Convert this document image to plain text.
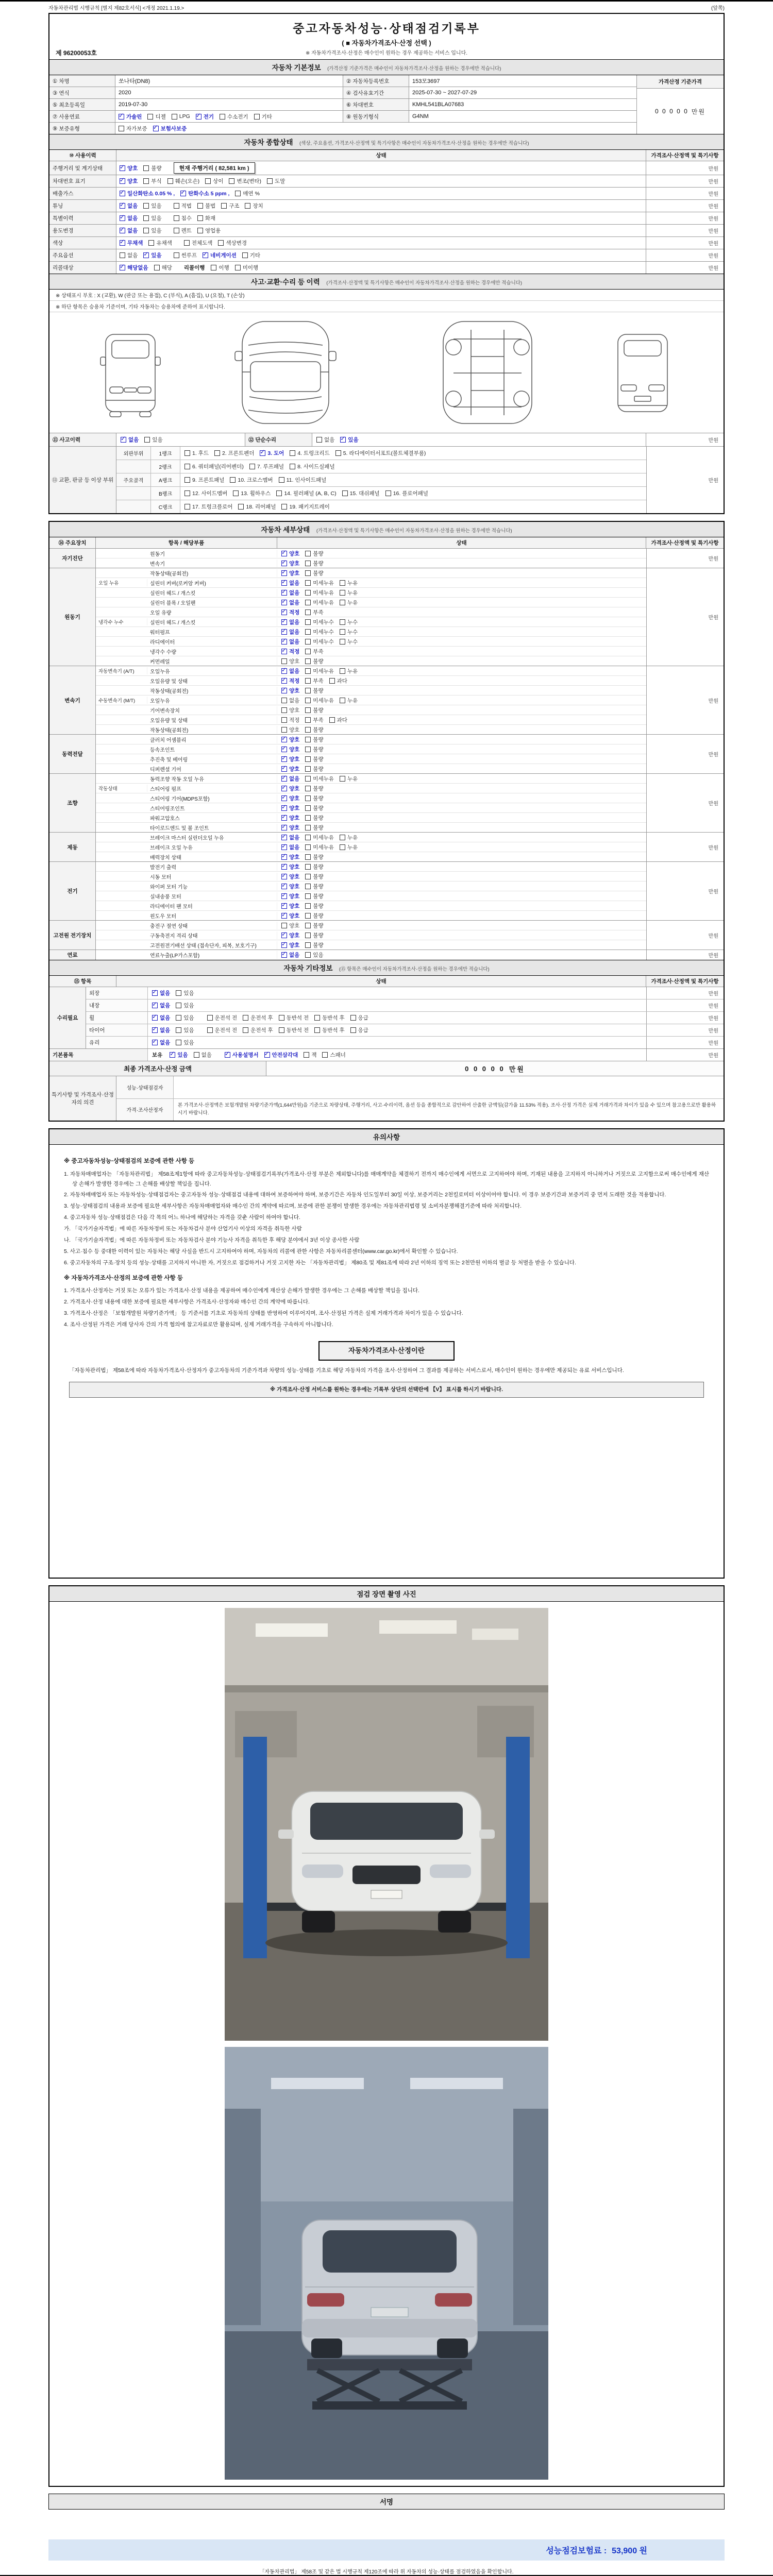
자동차관리법 시행규칙 [별지 제82호서식] <개정 2021.1.19.>	(앞쪽)
제 96200053호
중고자동차성능·상태점검기록부
( ■ 자동차가격조사·산정 선택 )
※ 자동차가격조사·산정은 매수인이 원하는 경우 제공하는 서비스 입니다.
자동차 기본정보 (가격산정 기준가격은 매수인이 자동차가격조사·산정을 원하는 경우에만 적습니다)
① 차명	쏘나타(DN8)	② 자동차등록번호	153모3697
③ 연식	2020	④ 검사유효기간	2025-07-30 ~ 2027-07-29
⑤ 최초등록일	2019-07-30	⑥ 차대번호	KMHL541BLA07683
⑦ 사용연료 ✓	가솔린	디젤	LPG ✓	전기	수소전기	기타	⑧ 원동기형식	G4NM
⑨ 보증유형	자가보증 ✓	보험사보증
가격산정 기준가격
0 0 0 0 0 만원
자동차 종합상태 (색상, 주요옵션, 가격조사·산정액 및 특기사항은 매수인이 자동차가격조사·산정을 원하는 경우에만 적습니다)
⑩ 사용이력	상태	가격조사·산정액 및 특기사항
주행거리 및 계기상태 ✓	양호	불량	현재 주행거리 ( 82,581 km )	만원
차대번호 표기 ✓	양호	부식	훼손(오손)	상이	변조(변타)	도말	만원
배출가스 ✓	일산화탄소 0.05 % , ✓	탄화수소 5 ppm ,	매연 %	만원
튜닝 ✓	없음	있음	적법	불법	구조	장치	만원
특별이력 ✓	없음	있음	침수	화재	만원
용도변경 ✓	없음	있음	렌트	영업용	만원
색상 ✓	무채색	유채색	전체도색	색상변경	만원
주요옵션	없음 ✓	있음	썬루프 ✓	네비게이션	기타	만원
리콜대상 ✓	해당없음	해당 리콜이행	이행	미이행	만원
사고·교환·수리 등 이력 (가격조사·산정액 및 특기사항은 매수인이 자동차가격조사·산정을 원하는 경우에만 적습니다)
※ 상태표시 부호 : X (교환), W (판금 또는 용접), C (부식), A (흠집), U (요철), T (손상)
※ 하단 항목은 승용차 기준이며, 기타 자동차는 승용차에 준하여 표시합니다.
⑪ 사고이력 ✓	없음	있음	⑫ 단순수리	없음 ✓	있음	만원
⑬ 교환, 판금 등 이상 부위
외판부위	1랭크	1. 후드	2. 프론트펜더 ✓	3. 도어	4. 트렁크리드	5. 라디에이터서포트(볼트체결부품)
2랭크	6. 쿼터패널(리어펜더)	7. 루프패널	8. 사이드실패널
주요골격	A랭크	9. 프론트패널	10. 크로스멤버	11. 인사이드패널
B랭크	12. 사이드멤버	13. 휠하우스	14. 필러패널 (A, B, C)	15. 대쉬패널	16. 플로어패널
C랭크	17. 트렁크플로어	18. 리어패널	19. 패키지트레이
만원
자동차 세부상태 (가격조사·산정액 및 특기사항은 매수인이 자동차가격조사·산정을 원하는 경우에만 적습니다)
⑭ 주요장치	항목 / 해당부품	상태	가격조사·산정액 및 특기사항
자기진단
원동기 ✓	양호	불량
변속기 ✓	양호	불량
만원
원동기
작동상태(공회전) ✓	양호	불량
오일 누유	실린더 커버(로커암 커버) ✓	없음	미세누유	누유
실린더 헤드 / 개스킷 ✓	없음	미세누유	누유
실린더 블록 / 오일팬 ✓	없음	미세누유	누유
오일 유량 ✓	적정	부족
냉각수 누수	실린더 헤드 / 개스킷 ✓	없음	미세누수	누수
워터펌프 ✓	없음	미세누수	누수
라디에이터 ✓	없음	미세누수	누수
냉각수 수량 ✓	적정	부족
커먼레일	양호	불량
만원
변속기
자동변속기 (A/T)	오일누유 ✓	없음	미세누유	누유
오일유량 및 상태 ✓	적정	부족	과다
작동상태(공회전) ✓	양호	불량
수동변속기 (M/T)	오일누유	없음	미세누유	누유
기어변속장치	양호	불량
오일유량 및 상태	적정	부족	과다
작동상태(공회전)	양호	불량
만원
동력전달
클러치 어셈블리 ✓	양호	불량
등속조인트 ✓	양호	불량
추진축 및 베어링 ✓	양호	불량
디퍼렌셜 기어 ✓	양호	불량
만원
조향
동력조향 작동 오일 누유 ✓	없음	미세누유	누유
작동상태	스티어링 펌프 ✓	양호	불량
스티어링 기어(MDPS포함) ✓	양호	불량
스티어링조인트 ✓	양호	불량
파워고압호스 ✓	양호	불량
타이로드엔드 및 볼 조인트 ✓	양호	불량
만원
제동
브레이크 마스터 실린더오일 누유 ✓	없음	미세누유	누유
브레이크 오일 누유 ✓	없음	미세누유	누유
배력장치 상태 ✓	양호	불량
만원
전기
발전기 출력 ✓	양호	불량
시동 모터 ✓	양호	불량
와이퍼 모터 기능 ✓	양호	불량
실내송풍 모터 ✓	양호	불량
라디에이터 팬 모터 ✓	양호	불량
윈도우 모터 ✓	양호	불량
만원
고전원 전기장치
충전구 절연 상태	양호	불량
구동축전지 격리 상태 ✓	양호	불량
고전원전기배선 상태 (접속단자, 피복, 보호기구) ✓	양호	불량
만원
연료	연료누출(LP가스포함) ✓	없음	있음	만원
자동차 기타정보 (⑮ 항목은 매수인이 자동차가격조사·산정을 원하는 경우에만 적습니다)
⑮ 항목	상태	가격조사·산정액 및 특기사항
수리필요
외장 ✓	없음	있음	만원
내장 ✓	없음	있음	만원
휠 ✓	없음	있음	운전석 전	운전석 후	동반석 전	동반석 후	응급	만원
타이어 ✓	없음	있음	운전석 전	운전석 후	동반석 전	동반석 후	응급	만원
유리 ✓	없음	있음	만원
기본품목	보유 ✓	있음	없음 ✓	사용설명서 ✓	안전삼각대	잭	스패너	만원
최종 가격조사·산정 금액	0 0 0 0 0 만원
특기사항 및 가격조사·산정자의 의견
성능·상태점검자
가격·조사산정자
본 가격조사·산정액은 보험개발원 차량기준가액(1,644만원)을 기준으로 차량상태, 주행거리, 사고·수리이력, 옵션 등을 종합적으로 감안하여 산출한 금액임(감가율 11.53% 적용). 조사·산정 가격은 실제 거래가격과 차이가 있을 수 있으며 참고용으로만 활용하시기 바랍니다.
유의사항
※ 중고자동차성능·상태점검의 보증에 관한 사항 등
1. 자동차매매업자는 「자동차관리법」 제58조제1항에 따라 중고자동차성능·상태점검기록부(가격조사·산정 부분은 제외합니다)를 매매계약을 체결하기 전까지 매수인에게 서면으로 고지하여야 하며, 기재된 내용을 고지하지 아니하거나 거짓으로 고지함으로써 매수인에게 재산상 손해가 발생한 경우에는 그 손해를 배상할 책임을 집니다.
2. 자동차매매업자 또는 자동차성능·상태점검자는 중고자동차 성능·상태점검 내용에 대하여 보증하여야 하며, 보증기간은 자동차 인도일부터 30일 이상, 보증거리는 2천킬로미터 이상이어야 합니다. 이 경우 보증기간과 보증거리 중 먼저 도래한 것을 적용합니다.
3. 성능·상태점검의 내용과 보증에 필요한 세부사항은 자동차매매업자와 매수인 간의 계약에 따르며, 보증에 관한 분쟁이 발생한 경우에는 자동차관리법령 및 소비자분쟁해결기준에 따라 처리합니다.
4. 중고자동차 성능·상태점검은 다음 각 목의 어느 하나에 해당하는 자격을 갖춘 사람이 하여야 합니다.
가. 「국가기술자격법」에 따른 자동차정비 또는 자동차검사 분야 산업기사 이상의 자격을 취득한 사람
나. 「국가기술자격법」에 따른 자동차정비 또는 자동차검사 분야 기능사 자격을 취득한 후 해당 분야에서 3년 이상 종사한 사람
5. 사고·침수 등 중대한 이력이 있는 자동차는 해당 사실을 반드시 고지하여야 하며, 자동차의 리콜에 관한 사항은 자동차리콜센터(www.car.go.kr)에서 확인할 수 있습니다.
6. 중고자동차의 구조·장치 등의 성능·상태를 고지하지 아니한 자, 거짓으로 점검하거나 거짓 고지한 자는 「자동차관리법」 제80조 및 제81조에 따라 2년 이하의 징역 또는 2천만원 이하의 벌금 등 처벌을 받을 수 있습니다.
※ 자동차가격조사·산정의 보증에 관한 사항 등
1. 가격조사·산정자는 거짓 또는 오류가 있는 가격조사·산정 내용을 제공하여 매수인에게 재산상 손해가 발생한 경우에는 그 손해를 배상할 책임을 집니다.
2. 가격조사·산정 내용에 대한 보증에 필요한 세부사항은 가격조사·산정자와 매수인 간의 계약에 따릅니다.
3. 가격조사·산정은 「보험개발원 차량기준가액」 등 기준서를 기초로 자동차의 상태를 반영하여 이루어지며, 조사·산정된 가격은 실제 거래가격과 차이가 있을 수 있습니다.
4. 조사·산정된 가격은 거래 당사자 간의 가격 협의에 참고자료로만 활용되며, 실제 거래가격을 구속하지 아니합니다.
자동차가격조사·산정이란
「자동차관리법」 제58조에 따라 자동차가격조사·산정자가 중고자동차의 기준가격과 차량의 성능·상태를 기초로 해당 자동차의 가격을 조사·산정하여 그 결과를 제공하는 서비스로서, 매수인이 원하는 경우에만 제공되는 유료 서비스입니다.
※ 가격조사·산정 서비스를 원하는 경우에는 기록부 상단의 선택란에 【V】 표시를 하시기 바랍니다.
점검 장면 촬영 사진
서명
성능점검보험료 : 53,900 원
「자동차관리법」 제58조 및 같은 법 시행규칙 제120조에 따라 위 자동차의 성능·상태를 점검하였음을 확인합니다.
